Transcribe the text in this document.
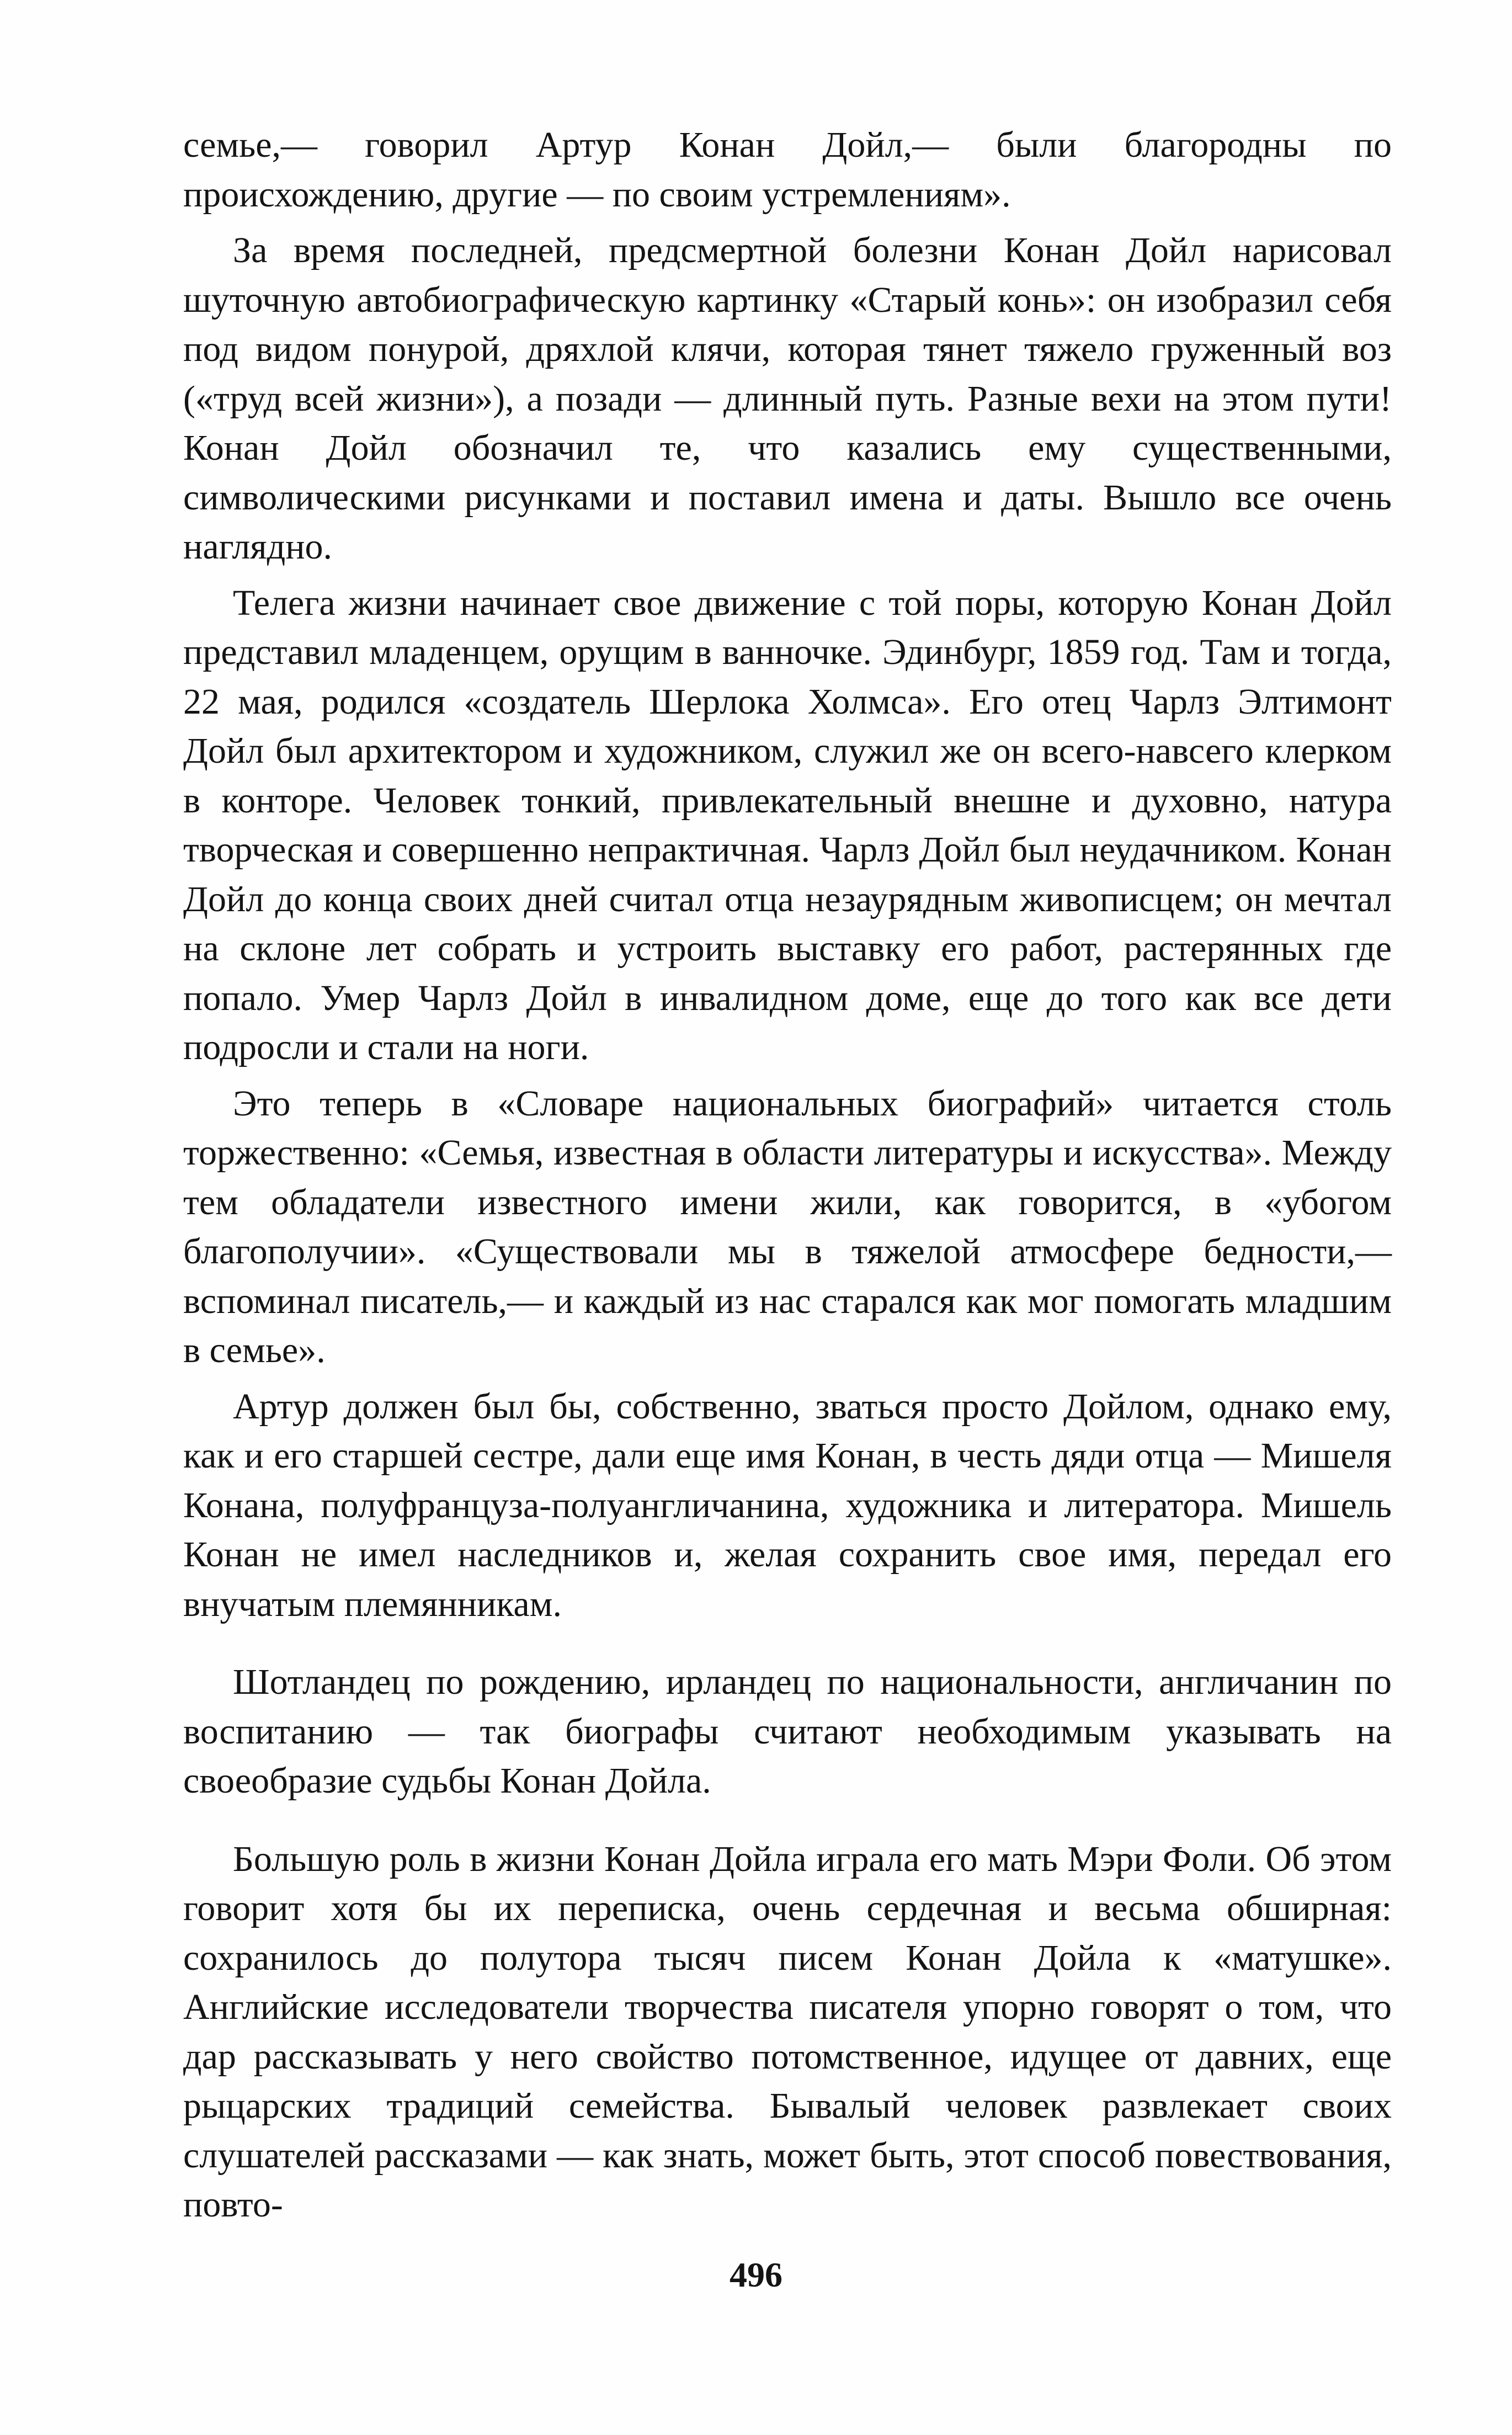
семье,— говорил Артур Конан Дойл,— были благородны по происхождению, другие — по своим устремлениям».

За время последней, предсмертной болезни Конан Дойл нарисовал шуточную автобиографическую картинку «Старый конь»: он изобразил себя под видом понурой, дряхлой клячи, которая тянет тяжело груженный воз («труд всей жизни»), а позади — длинный путь. Разные вехи на этом пути! Конан Дойл обозначил те, что казались ему существенными, символическими рисунками и поставил имена и даты. Вышло все очень наглядно.

Телега жизни начинает свое движение с той поры, которую Конан Дойл представил младенцем, орущим в ванночке. Эдинбург, 1859 год. Там и тогда, 22 мая, родился «создатель Шерлока Холмса». Его отец Чарлз Элтимонт Дойл был архитектором и художником, служил же он всего-навсего клерком в конторе. Человек тонкий, привлекательный внешне и духовно, натура творческая и совершенно непрактичная. Чарлз Дойл был неудачником. Конан Дойл до конца своих дней считал отца незаурядным живописцем; он мечтал на склоне лет собрать и устроить выставку его работ, растерянных где попало. Умер Чарлз Дойл в инвалидном доме, еще до того как все дети подросли и стали на ноги.

Это теперь в «Словаре национальных биографий» читается столь торжественно: «Семья, известная в области литературы и искусства». Между тем обладатели известного имени жили, как говорится, в «убогом благополучии». «Существовали мы в тяжелой атмосфере бедности,— вспоминал писатель,— и каждый из нас старался как мог помогать младшим в семье».

Артур должен был бы, собственно, зваться просто Дойлом, однако ему, как и его старшей сестре, дали еще имя Конан, в честь дяди отца — Мишеля Конана, полуфранцуза-полуангличанина, художника и литератора. Мишель Конан не имел наследников и, желая сохранить свое имя, передал его внучатым племянникам.

Шотландец по рождению, ирландец по национальности, англичанин по воспитанию — так биографы считают необходимым указывать на своеобразие судьбы Конан Дойла.

Большую роль в жизни Конан Дойла играла его мать Мэри Фоли. Об этом говорит хотя бы их переписка, очень сердечная и весьма обширная: сохранилось до полутора тысяч писем Конан Дойла к «матушке». Английские исследователи творчества писателя упорно говорят о том, что дар рассказывать у него свойство потомственное, идущее от давних, еще рыцарских традиций семейства. Бывалый человек развлекает своих слушателей рассказами — как знать, может быть, этот способ повествования, повто-

496
